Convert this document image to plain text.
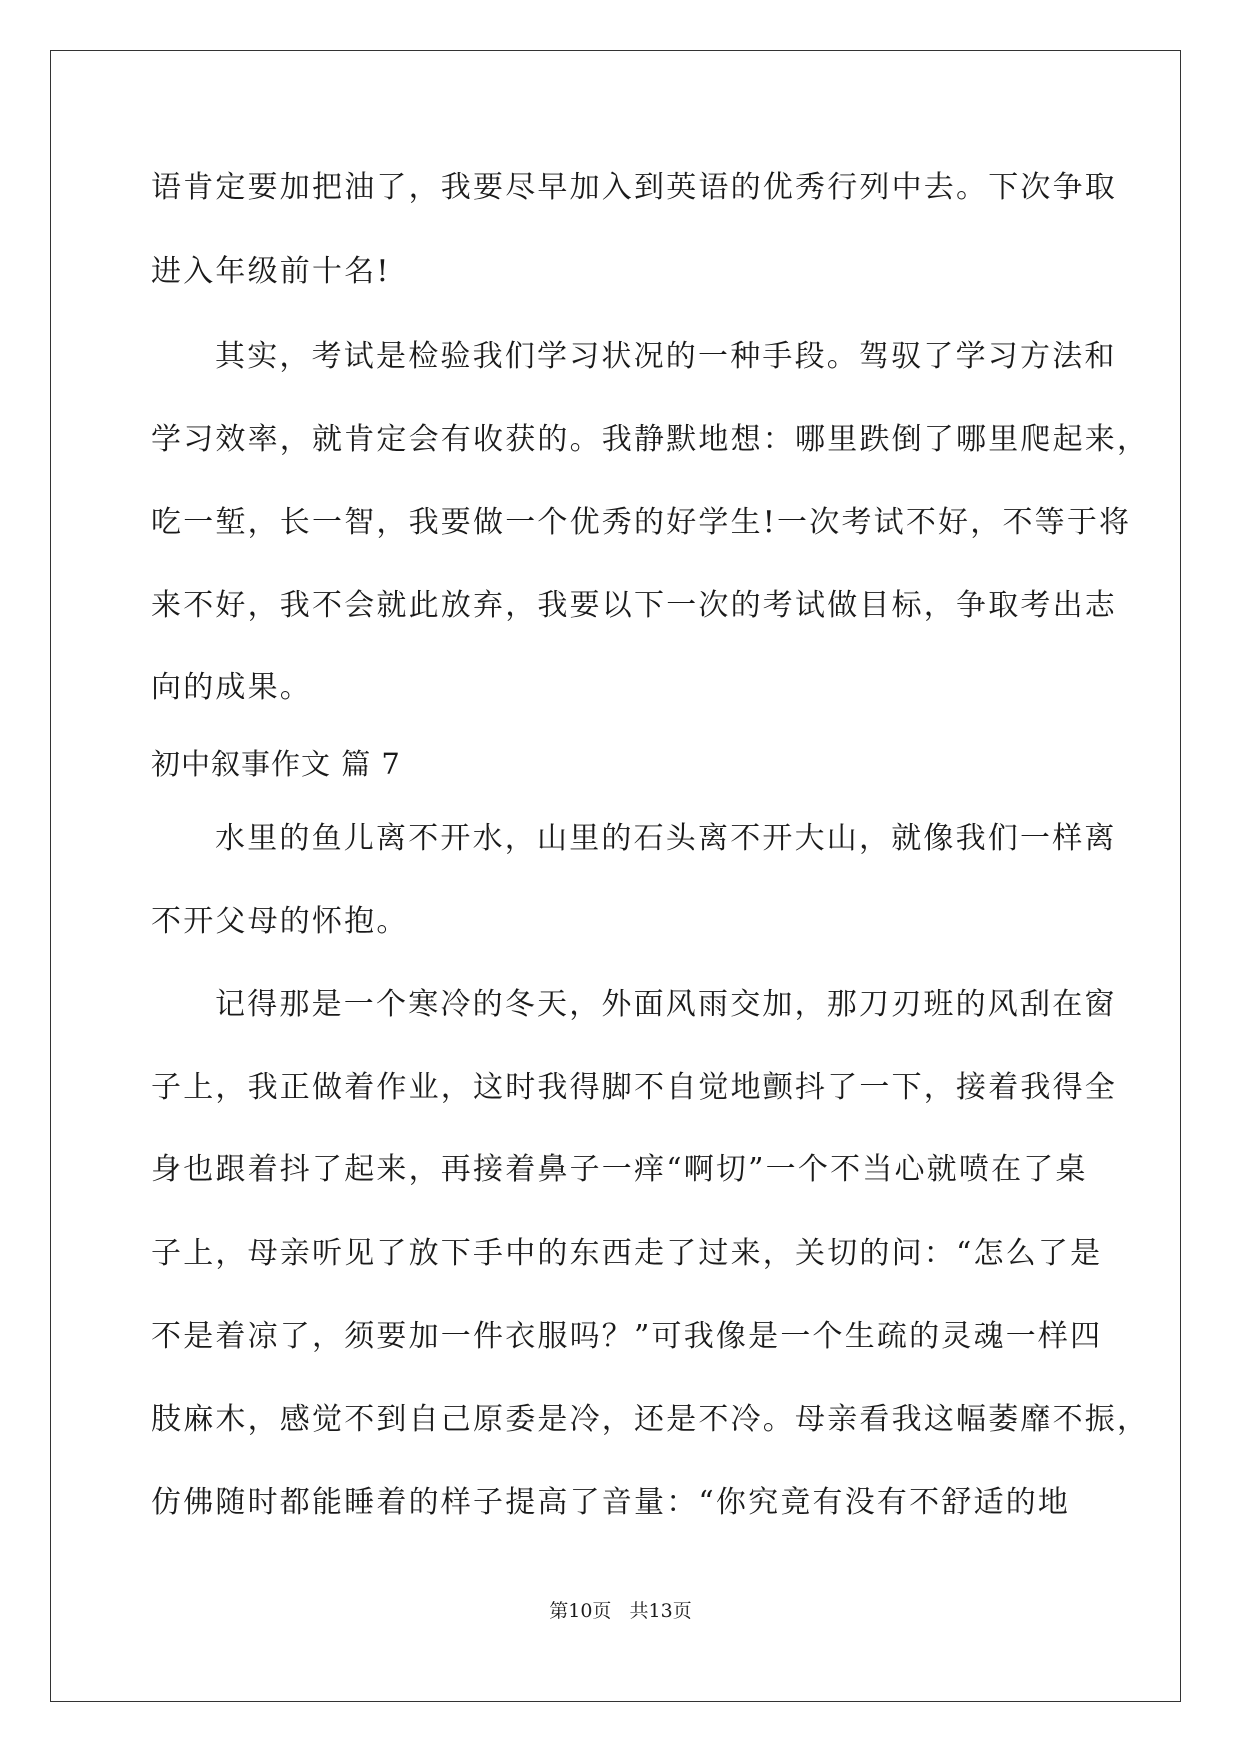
语肯定要加把油了，我要尽早加入到英语的优秀行列中去。下次争取
进入年级前十名!
其实，考试是检验我们学习状况的一种手段。驾驭了学习方法和
学习效率，就肯定会有收获的。我静默地想：哪里跌倒了哪里爬起来，
吃一堑，长一智，我要做一个优秀的好学生!一次考试不好，不等于将
来不好，我不会就此放弃，我要以下一次的考试做目标，争取考出志
向的成果。
初中叙事作文 篇 7
水里的鱼儿离不开水，山里的石头离不开大山，就像我们一样离
不开父母的怀抱。
记得那是一个寒冷的冬天，外面风雨交加，那刀刃班的风刮在窗
子上，我正做着作业，这时我得脚不自觉地颤抖了一下，接着我得全
身也跟着抖了起来，再接着鼻子一痒“啊切”一个不当心就喷在了桌
子上，母亲听见了放下手中的东西走了过来，关切的问：“怎么了是
不是着凉了，须要加一件衣服吗？”可我像是一个生疏的灵魂一样四
肢麻木，感觉不到自己原委是冷，还是不冷。母亲看我这幅萎靡不振，
仿佛随时都能睡着的样子提高了音量：“你究竟有没有不舒适的地
第10页   共13页
